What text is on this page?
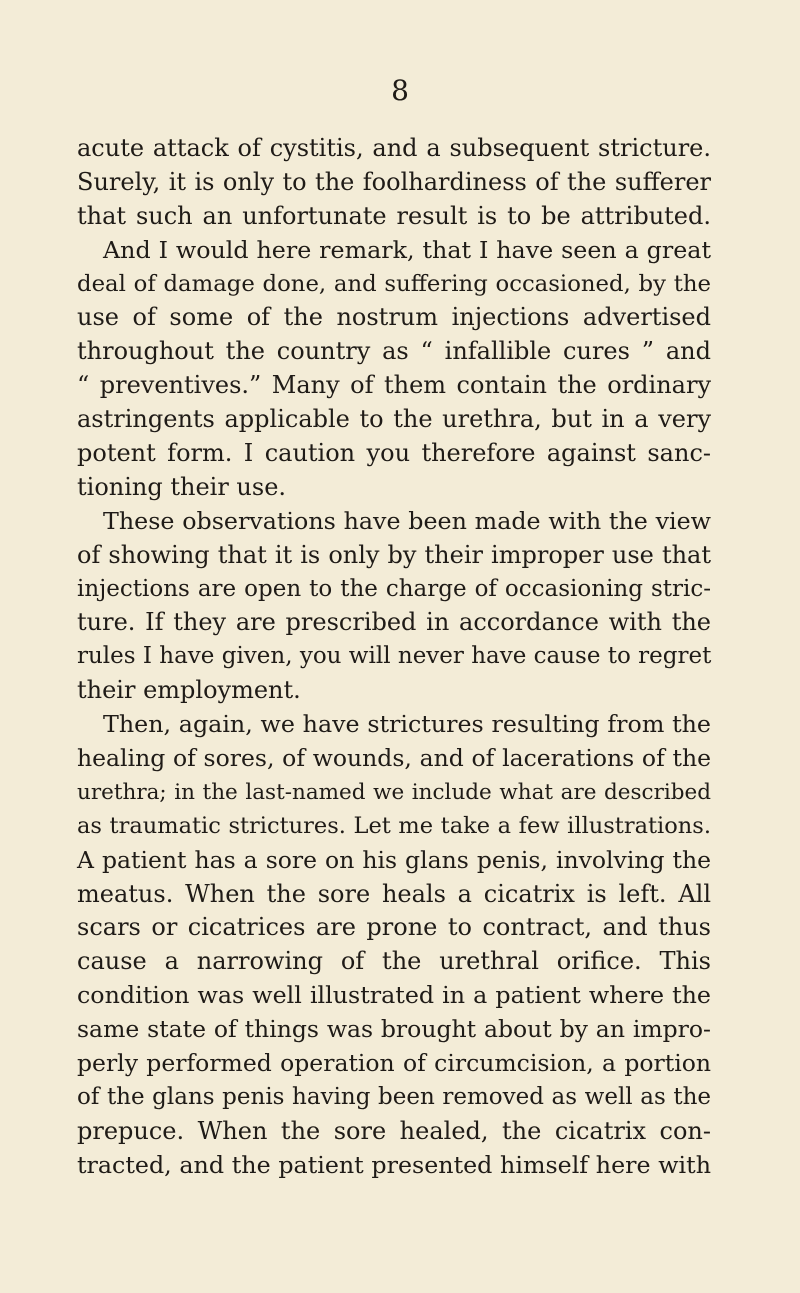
8
acute attack of cystitis, and a subsequent stricture.
Surely, it is only to the foolhardiness of the sufferer
that such an unfortunate result is to be attributed.
And I would here remark, that I have seen a great
deal of damage done, and suffering occasioned, by the
use of some of the nostrum injections advertised
throughout the country as “ infallible cures ” and
“ preventives.” Many of them contain the ordinary
astringents applicable to the urethra, but in a very
potent form. I caution you therefore against sanc-
tioning their use.
These observations have been made with the view
of showing that it is only by their improper use that
injections are open to the charge of occasioning stric-
ture. If they are prescribed in accordance with the
rules I have given, you will never have cause to regret
their employment.
Then, again, we have strictures resulting from the
healing of sores, of wounds, and of lacerations of the
urethra; in the last-named we include what are described
as traumatic strictures. Let me take a few illustrations.
A patient has a sore on his glans penis, involving the
meatus. When the sore heals a cicatrix is left. All
scars or cicatrices are prone to contract, and thus
cause a narrowing of the urethral orifice. This
condition was well illustrated in a patient where the
same state of things was brought about by an impro-
perly performed operation of circumcision, a portion
of the glans penis having been removed as well as the
prepuce. When the sore healed, the cicatrix con-
tracted, and the patient presented himself here with
